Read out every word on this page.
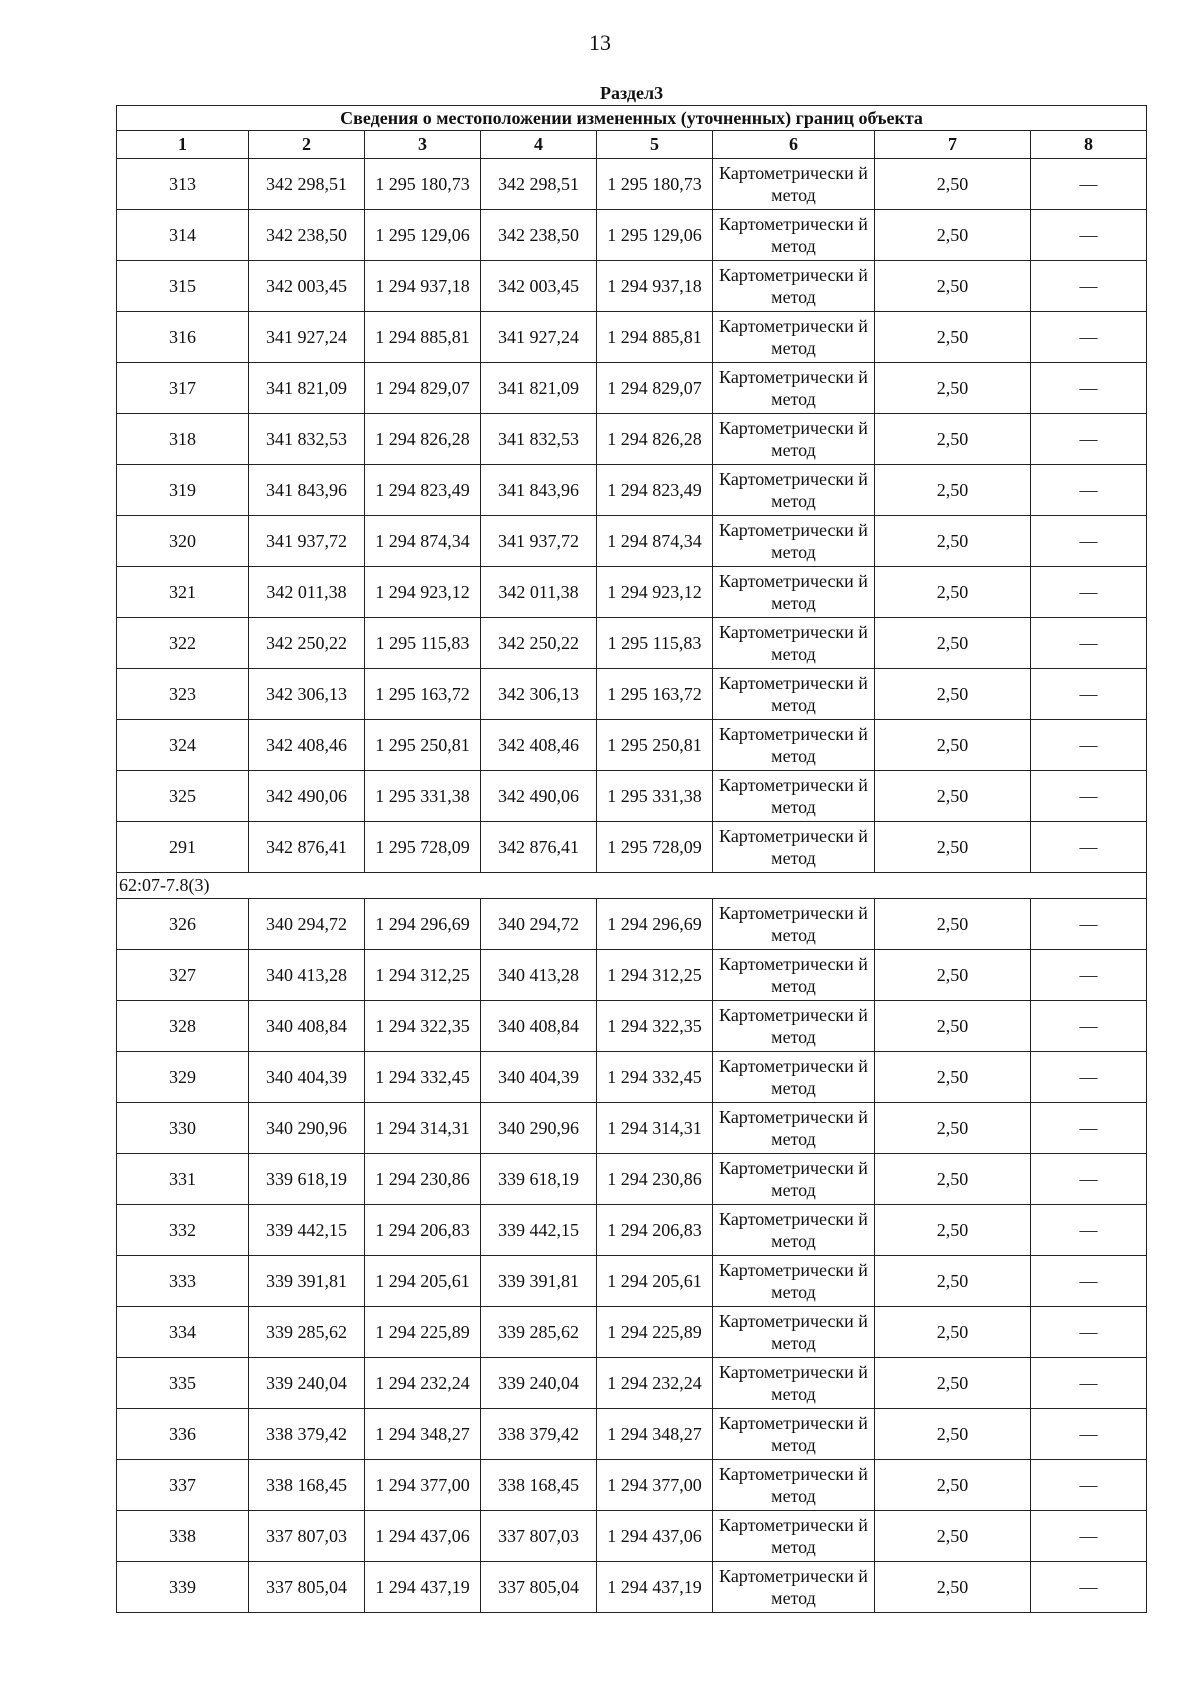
13
Раздел3							
Сведения о местоположении измененных (уточненных) границ объекта							
1	2	3	4	5	6	7	8
313	342 298,51	1 295 180,73	342 298,51	1 295 180,73	Картометрически й метод	2,50	—
314	342 238,50	1 295 129,06	342 238,50	1 295 129,06	Картометрически й метод	2,50	—
315	342 003,45	1 294 937,18	342 003,45	1 294 937,18	Картометрически й метод	2,50	—
316	341 927,24	1 294 885,81	341 927,24	1 294 885,81	Картометрически й метод	2,50	—
317	341 821,09	1 294 829,07	341 821,09	1 294 829,07	Картометрически й метод	2,50	—
318	341 832,53	1 294 826,28	341 832,53	1 294 826,28	Картометрически й метод	2,50	—
319	341 843,96	1 294 823,49	341 843,96	1 294 823,49	Картометрически й метод	2,50	—
320	341 937,72	1 294 874,34	341 937,72	1 294 874,34	Картометрически й метод	2,50	—
321	342 011,38	1 294 923,12	342 011,38	1 294 923,12	Картометрически й метод	2,50	—
322	342 250,22	1 295 115,83	342 250,22	1 295 115,83	Картометрически й метод	2,50	—
323	342 306,13	1 295 163,72	342 306,13	1 295 163,72	Картометрически й метод	2,50	—
324	342 408,46	1 295 250,81	342 408,46	1 295 250,81	Картометрически й метод	2,50	—
325	342 490,06	1 295 331,38	342 490,06	1 295 331,38	Картометрически й метод	2,50	—
291	342 876,41	1 295 728,09	342 876,41	1 295 728,09	Картометрически й метод	2,50	—
62:07-7.8(3)							
326	340 294,72	1 294 296,69	340 294,72	1 294 296,69	Картометрически й метод	2,50	—
327	340 413,28	1 294 312,25	340 413,28	1 294 312,25	Картометрически й метод	2,50	—
328	340 408,84	1 294 322,35	340 408,84	1 294 322,35	Картометрически й метод	2,50	—
329	340 404,39	1 294 332,45	340 404,39	1 294 332,45	Картометрически й метод	2,50	—
330	340 290,96	1 294 314,31	340 290,96	1 294 314,31	Картометрически й метод	2,50	—
331	339 618,19	1 294 230,86	339 618,19	1 294 230,86	Картометрически й метод	2,50	—
332	339 442,15	1 294 206,83	339 442,15	1 294 206,83	Картометрически й метод	2,50	—
333	339 391,81	1 294 205,61	339 391,81	1 294 205,61	Картометрически й метод	2,50	—
334	339 285,62	1 294 225,89	339 285,62	1 294 225,89	Картометрически й метод	2,50	—
335	339 240,04	1 294 232,24	339 240,04	1 294 232,24	Картометрически й метод	2,50	—
336	338 379,42	1 294 348,27	338 379,42	1 294 348,27	Картометрически й метод	2,50	—
337	338 168,45	1 294 377,00	338 168,45	1 294 377,00	Картометрически й метод	2,50	—
338	337 807,03	1 294 437,06	337 807,03	1 294 437,06	Картометрически й метод	2,50	—
339	337 805,04	1 294 437,19	337 805,04	1 294 437,19	Картометрически й метод	2,50	—
